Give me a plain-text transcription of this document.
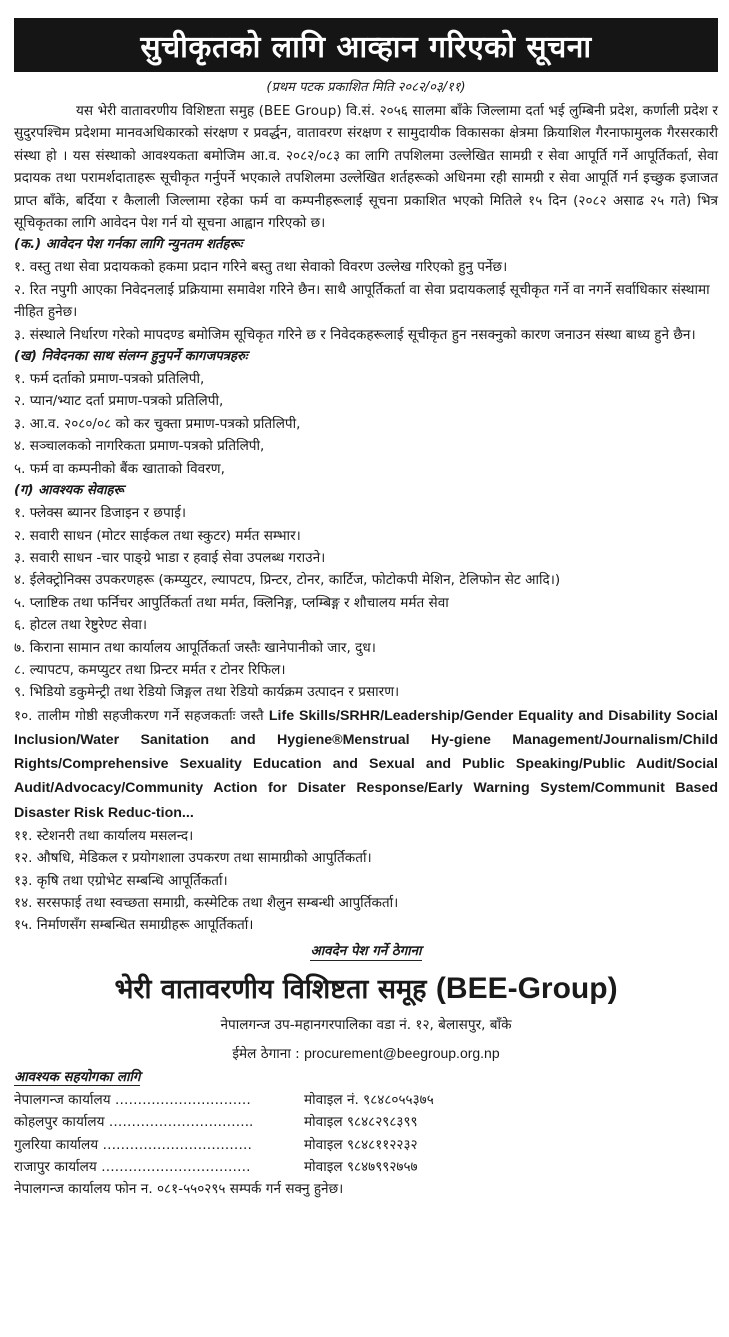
सुचीकृतको लागि आव्हान गरिएको सूचना
(प्रथम पटक प्रकाशित मिति २०८२/०३/११)
यस भेरी वातावरणीय विशिष्टता समुह (BEE Group) वि.सं. २०५६ सालमा बाँके जिल्लामा दर्ता भई लुम्बिनी प्रदेश, कर्णाली प्रदेश र सुदुरपश्चिम प्रदेशमा मानवअधिकारको संरक्षण र प्रवर्द्धन, वातावरण संरक्षण र सामुदायीक विकासका क्षेत्रमा क्रियाशिल गैरनाफामुलक गैरसरकारी संस्था हो । यस संस्थाको आवश्यकता बमोजिम आ.व. २०८२/०८३ का लागि तपशिलमा उल्लेखित सामग्री र सेवा आपूर्ति गर्ने आपूर्तिकर्ता, सेवा प्रदायक तथा परामर्शदाताहरू सूचीकृत गर्नुपर्ने भएकाले तपशिलमा उल्लेखित शर्तहरूको अधिनमा रही सामग्री र सेवा आपूर्ति गर्न इच्छुक इजाजत प्राप्त बाँके, बर्दिया र कैलाली जिल्लामा रहेका फर्म वा कम्पनीहरूलाई सूचना प्रकाशित भएको मितिले १५ दिन (२०८२ असाढ २५ गते) भित्र सूचिकृतका लागि आवेदन पेश गर्न यो सूचना आह्वान गरिएको छ।
(क.) आवेदन पेश गर्नका लागि न्युनतम शर्तहरूः
१. वस्तु तथा सेवा प्रदायकको हकमा प्रदान गरिने बस्तु तथा सेवाको विवरण उल्लेख गरिएको हुनु पर्नेछ।
२. रित नपुगी आएका निवेदनलाई प्रक्रियामा समावेश गरिने छैन। साथै आपूर्तिकर्ता वा सेवा प्रदायकलाई सूचीकृत गर्ने वा नगर्ने सर्वाधिकार संस्थामा नीहित हुनेछ।
३. संस्थाले निर्धारण गरेको मापदण्ड बमोजिम सूचिकृत गरिने छ र निवेदकहरूलाई सूचीकृत हुन नसक्नुको कारण जनाउन संस्था बाध्य हुने छैन।
(ख) निवेदनका साथ संलग्न हुनुपर्ने कागजपत्रहरुः
१. फर्म दर्ताको प्रमाण-पत्रको प्रतिलिपी,
२. प्यान/भ्याट दर्ता प्रमाण-पत्रको प्रतिलिपी,
३. आ.व. २०८०/०८ को कर चुक्ता प्रमाण-पत्रको प्रतिलिपी,
४. सञ्चालकको नागरिकता प्रमाण-पत्रको प्रतिलिपी,
५. फर्म वा कम्पनीको बैंक खाताको विवरण,
(ग) आवश्यक सेवाहरू
१. फ्लेक्स ब्यानर डिजाइन र छपाई।
२. सवारी साधन (मोटर साईकल तथा स्कुटर) मर्मत सम्भार।
३. सवारी साधन -चार पाङ्ग्रे भाडा र हवाई सेवा उपलब्ध गराउने।
४. ईलेक्ट्रोनिक्स उपकरणहरू (कम्प्युटर, ल्यापटप, प्रिन्टर, टोनर, कार्टिज, फोटोकपी मेशिन, टेलिफोन सेट आदि।)
५. प्लाष्टिक तथा फर्निचर आपुर्तिकर्ता तथा मर्मत, क्लिनिङ्ग, प्लम्बिङ्ग र शौचालय मर्मत सेवा
६. होटल तथा रेष्टुरेण्ट सेवा।
७. किराना सामान तथा कार्यालय आपूर्तिकर्ता जस्तैः खानेपानीको जार, दुध।
८. ल्यापटप, कमप्युटर तथा प्रिन्टर मर्मत र टोनर रिफिल।
९. भिडियो डकुमेन्ट्री तथा रेडियो जिङ्गल तथा रेडियो कार्यक्रम उत्पादन र प्रसारण।
१०. तालीम गोष्ठी सहजीकरण गर्ने सहजकर्ताः जस्तै Life Skills/SRHR/Leadership/Gender Equality and Disability Social Inclusion/Water Sanitation and Hygiene®Menstrual Hy-giene Management/Journalism/Child Rights/Comprehensive Sexuality Education and Sexual and Public Speaking/Public Audit/Social Audit/Advocacy/Community Action for Disater Response/Early Warning System/Communit Based Disaster Risk Reduc-tion...
११. स्टेशनरी तथा कार्यालय मसलन्द।
१२. औषधि, मेडिकल र प्रयोगशाला उपकरण तथा सामाग्रीको आपुर्तिकर्ता।
१३. कृषि तथा एग्रोभेट सम्बन्धि आपूर्तिकर्ता।
१४. सरसफाई तथा स्वच्छता समाग्री, कस्मेटिक तथा शैलुन सम्बन्धी आपुर्तिकर्ता।
१५. निर्माणसँग सम्बन्धित समाग्रीहरू आपूर्तिकर्ता।
आवदेन पेश गर्ने ठेगाना
भेरी वातावरणीय विशिष्टता समूह (BEE-Group)
नेपालगन्ज उप-महानगरपालिका वडा नं. १२, बेलासपुर, बाँके
ईमेल ठेगाना : procurement@beegroup.org.np
आवश्यक सहयोगका लागि
नेपालगन्ज कार्यालय …………………………	मोवाइल नं. ९८४८०५५३७५
कोहलपुर कार्यालय …………………………..	मोवाइल ९८४८२९८३९९
गुलरिया कार्यालय ……………………………	मोवाइल ९८४८११२२३२
राजापुर कार्यालय ……………………………	मोवाइल ९८४७९९२७५७
नेपालगन्ज कार्यालय फोन न. ०८१-५५०२९५ सम्पर्क गर्न सक्नु हुनेछ।
